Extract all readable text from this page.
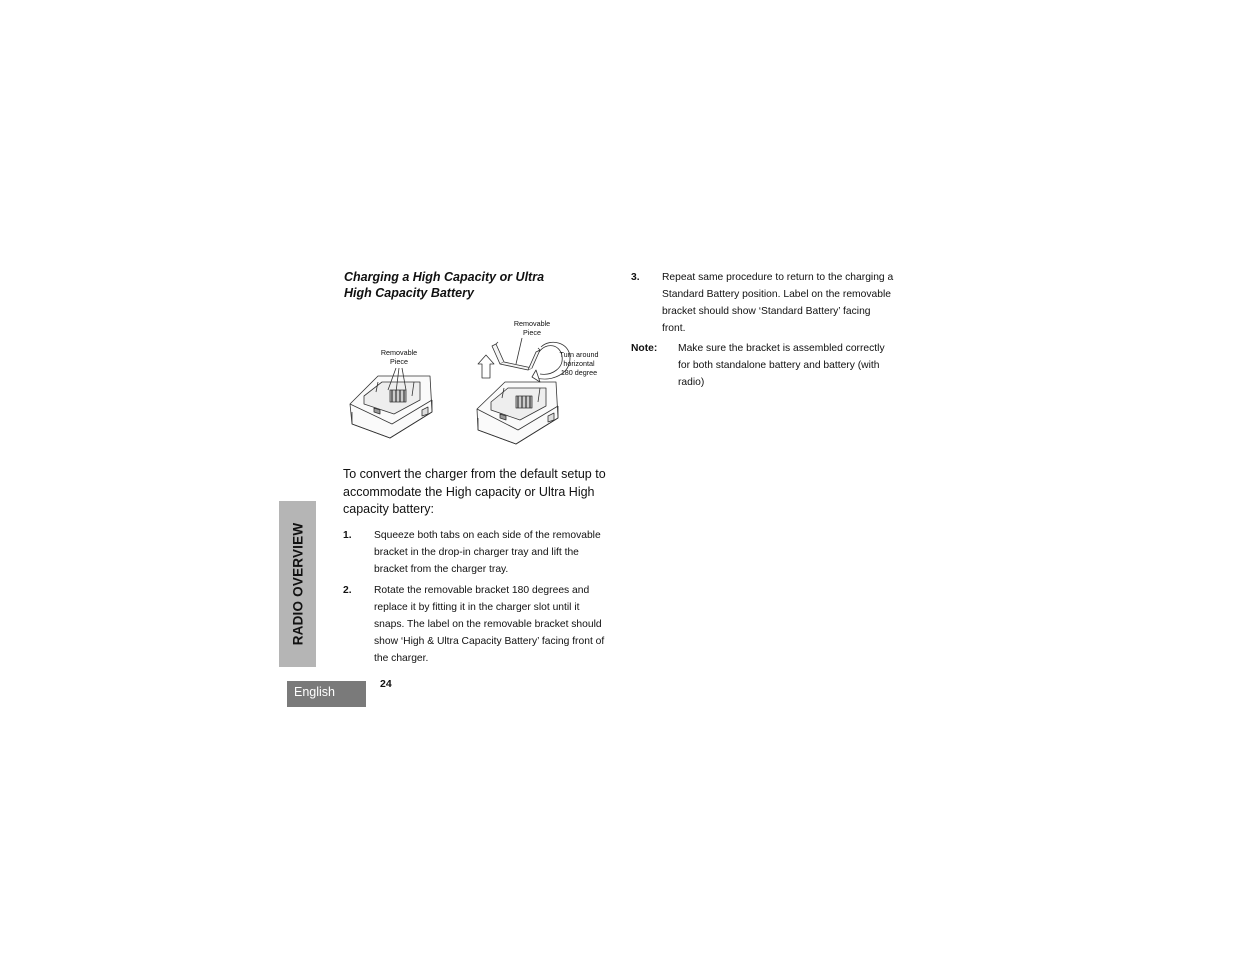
RADIO OVERVIEW
English
24
Charging a High Capacity or Ultra
High Capacity Battery
Removable
Piece
Removable
Piece
Turn around
horizontal
180 degree
To convert the charger from the default setup to accommodate the High capacity or Ultra High capacity battery:
1. Squeeze both tabs on each side of the removable bracket in the drop-in charger tray and lift the bracket from the charger tray.
2. Rotate the removable bracket 180 degrees and replace it by fitting it in the charger slot until it snaps. The label on the removable bracket should show ‘High & Ultra Capacity Battery’ facing front of the charger.
3. Repeat same procedure to return to the charging a Standard Battery position. Label on the removable bracket should show ‘Standard Battery’ facing front.
Note: Make sure the bracket is assembled correctly for both standalone battery and battery (with radio)
